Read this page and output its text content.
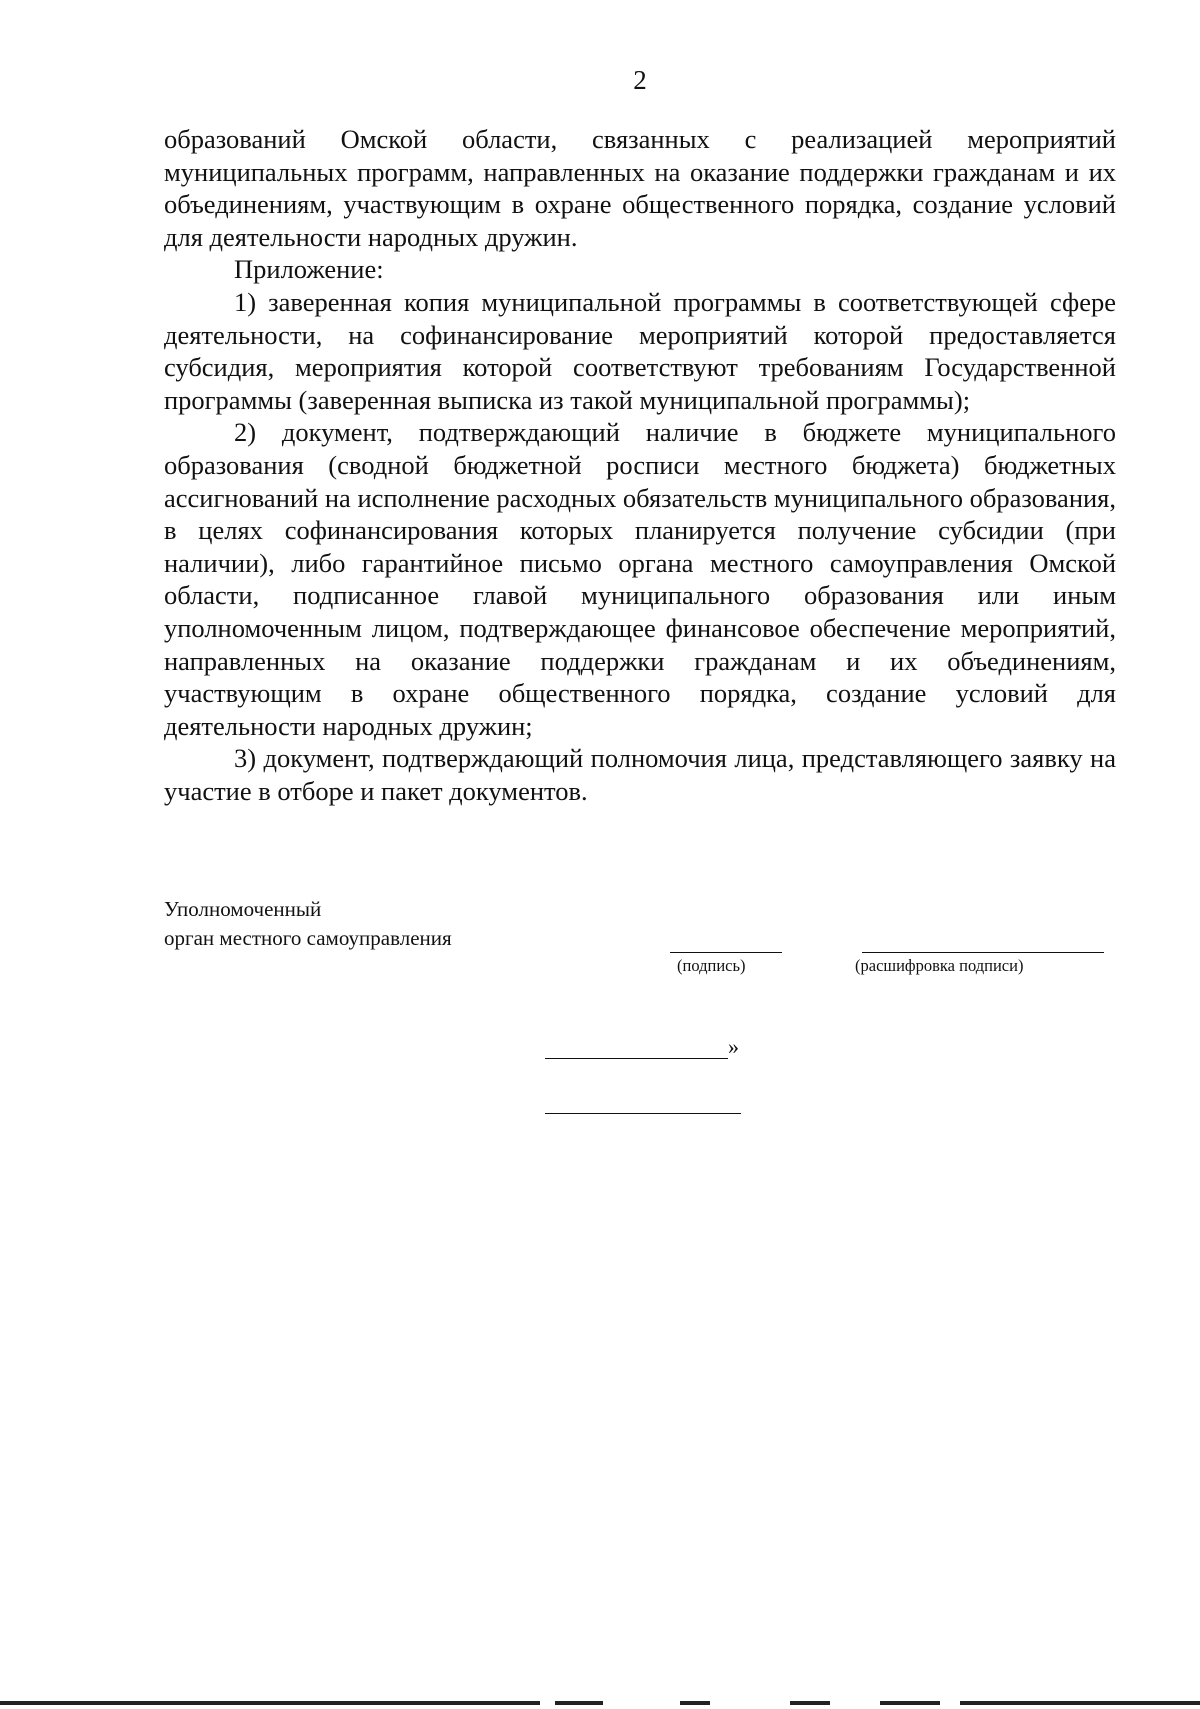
2

образований Омской области, связанных с реализацией мероприятий муниципальных программ, направленных на оказание поддержки гражданам и их объединениям, участвующим в охране общественного порядка, создание условий для деятельности народных дружин.

Приложение:

1) заверенная копия муниципальной программы в соответствующей сфере деятельности, на софинансирование мероприятий которой предоставляется субсидия, мероприятия которой соответствуют требованиям Государственной программы (заверенная выписка из такой муниципальной программы);

2) документ, подтверждающий наличие в бюджете муниципального образования (сводной бюджетной росписи местного бюджета) бюджетных ассигнований на исполнение расходных обязательств муниципального образования, в целях софинансирования которых планируется получение субсидии (при наличии), либо гарантийное письмо органа местного самоуправления Омской области, подписанное главой муниципального образования или иным уполномоченным лицом, подтверждающее финансовое обеспечение мероприятий, направленных на оказание поддержки гражданам и их объединениям, участвующим в охране общественного порядка, создание условий для деятельности народных дружин;

3) документ, подтверждающий полномочия лица, представляющего заявку на участие в отборе и пакет документов.

Уполномоченный
орган местного самоуправления
(подпись)	(расшифровка подписи)
»
